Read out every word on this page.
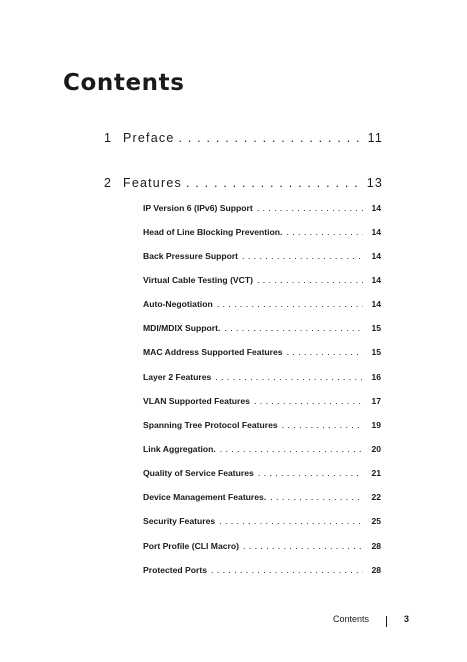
Contents
1 Preface . . .	11
2 Features . . .	13
IP Version 6 (IPv6) Support . . .	14
Head of Line Blocking Prevention. . . .	14
Back Pressure Support . . .	14
Virtual Cable Testing (VCT) . . .	14
Auto-Negotiation . . .	14
MDI/MDIX Support. . . .	15
MAC Address Supported Features . . .	15
Layer 2 Features . . .	16
VLAN Supported Features . . .	17
Spanning Tree Protocol Features . . .	19
Link Aggregation. . . .	20
Quality of Service Features . . .	21
Device Management Features. . . .	22
Security Features . . .	25
Port Profile (CLI Macro) . . .	28
Protected Ports . . .	28
Contents	3
